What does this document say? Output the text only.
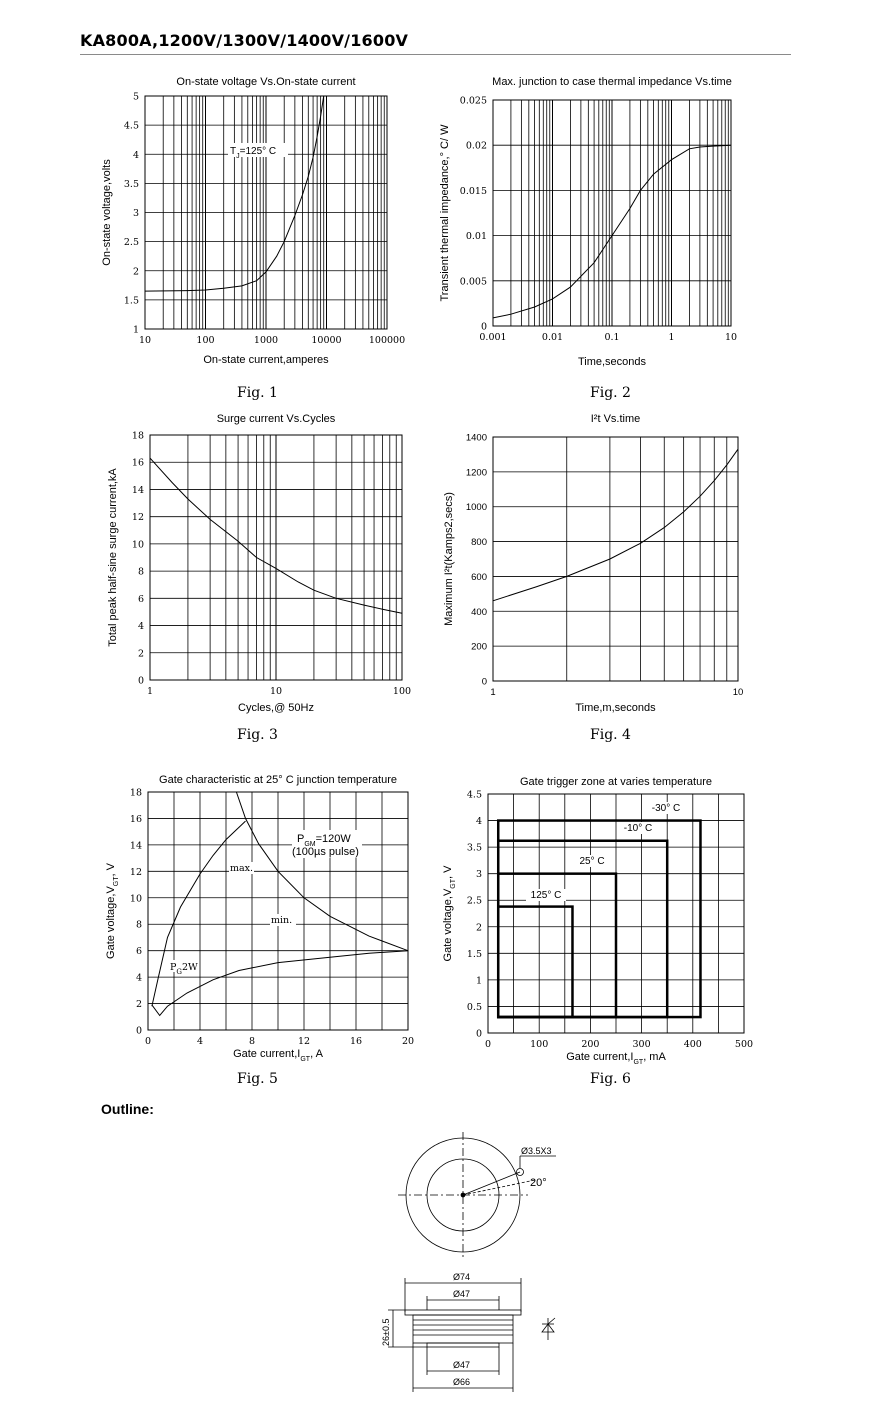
KA800A,1200V/1300V/1400V/1600V
Fig. 1	Fig. 2
Fig. 3	Fig. 4
Fig. 5	Fig. 6
Outline:
10	100	1000	10000	100000
1
1.5
2
2.5
3
3.5
4
4.5
5
On-state voltage Vs.On-state current
On-state current,amperes
On-state voltage,volts
$T_J=125^\circ$ C
0.001	0.01	0.1	1	10
0
0.005
0.01
0.015
0.02
0.025
Max. junction to case thermal impedance Vs.time
Time,seconds
Transient thermal impedance,° C/ W
1	10	100
0
2
4
6
8
10
12
14
16
18
Surge current Vs.Cycles
Cycles,@ 50Hz
Total peak half-sine surge current,kA
1	10
0
200
400
600
800
1000
1200
1400
I²t Vs.time
Time,m,seconds
Maximum I²t(Kamps2,secs)
0	4	8	12	16	20
0
2
4
6
8
10
12
14
16
18
Gate characteristic at 25° C junction temperature
Gate $current,I_{GT}$, A
Gate $voltage,V_{GT}$, V
$P_{GM}=120W$
(100µs pulse)
max.
min.
$P_G2W$
0	100	200	300	400	500
0
0.5
1
1.5
2
2.5
3
3.5
4
4.5
Gate trigger zone at varies temperature
Gate $current,I_{GT}$, mA
Gate $voltage,V_{GT}$, V
-30° C
-10° C
25° C
125° C
Ø3.5X3
20°
Ø74
Ø47
Ø47
Ø66
26±0.5
